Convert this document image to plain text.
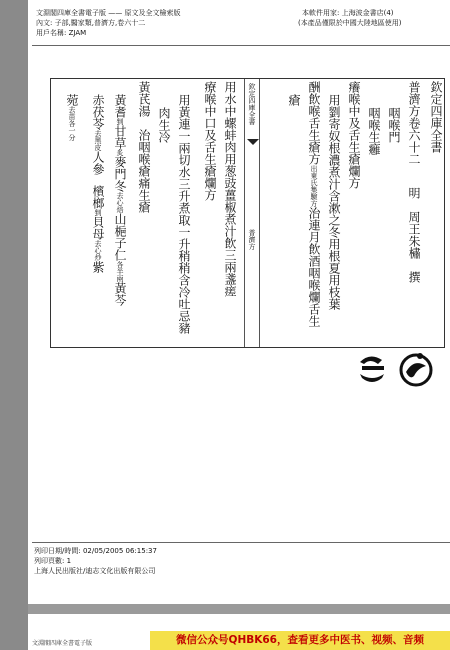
文淵閣四庫全書電子版 —— 原文及全文檢索版
內文: 子部,醫家類,普濟方,卷六十二
用戶名稱: ZJAM
本軟件用家: 上海波金書店(4)
(本產品僅限於中國大陸地區使用)
欽定四庫全書
普濟方卷六十二明　周王朱橚　撰
咽喉門
咽喉生癰
癢喉中及舌生瘡爛方
用劉寄奴根濃煮汁含漱之冬用根夏用枝葉
酬飲喉舌生瘡方出東氏集驗方治連月飲酒咽喉爛舌生
瘡
欽定四庫全書
普濟方
用水中螺蚌肉用葱豉薑椒煮汁飲三兩盞瘥
療喉中口及舌生瘡爛方
用黃連一兩切水三升煮取一升稍稍含冷吐忌豬
肉生冷
黃芪湯　治咽喉瘡痛生瘡
黃耆剉甘草炙麥門冬去心焙山梔子仁各半兩黃芩
赤茯苓去黑皮人參檳榔剉貝母去心炒紫
菀去苗各一分
列印日期/時間: 02/05/2005 06:15:37
列印頁數: 1
上海人民出版社/迪志文化出版有限公司
文淵閣四庫全書電子版	微信公众号QHBK66，查看更多中医书、视频、音频
